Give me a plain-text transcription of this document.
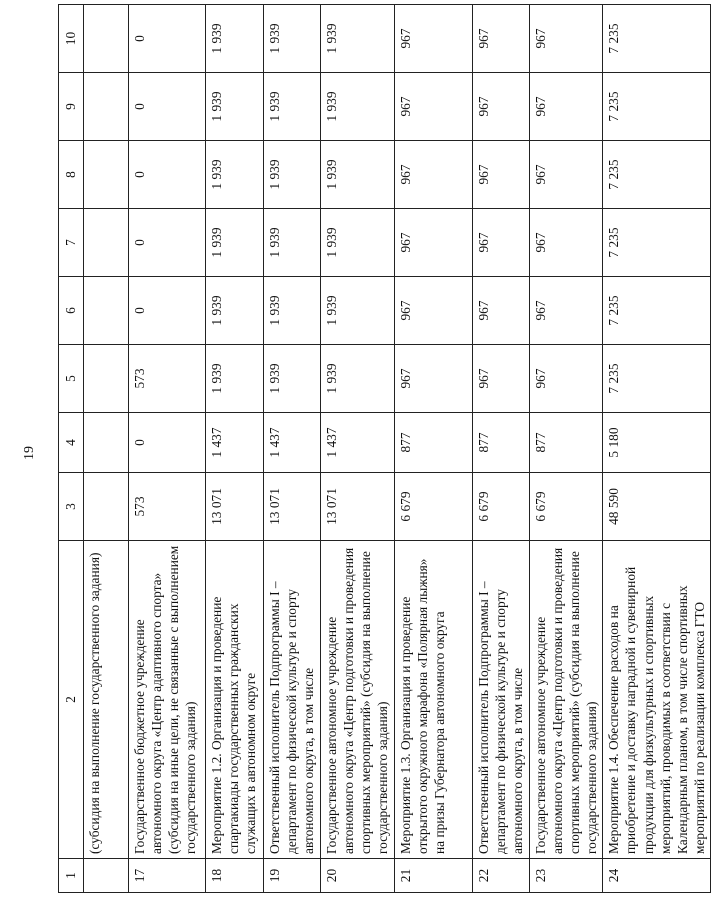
19
1	2	3	4	5	6	7	8	9	10
	(субсидия на выполнение государственного задания)								
17	Государственное бюджетное учреждение автономного округа «Центр адаптивного спорта» (субсидия на иные цели, не связанные с выполнением государственного задания)	573	0	573	0	0	0	0	0
18	Мероприятие 1.2. Организация и проведение спартакиады государственных гражданских служащих в автономном округе	13 071	1 437	1 939	1 939	1 939	1 939	1 939	1 939
19	Ответственный исполнитель Подпрограммы I – департамент по физической культуре и спорту автономного округа, в том числе	13 071	1 437	1 939	1 939	1 939	1 939	1 939	1 939
20	Государственное автономное учреждение автономного округа «Центр подготовки и проведения спортивных мероприятий» (субсидия на выполнение государственного задания)	13 071	1 437	1 939	1 939	1 939	1 939	1 939	1 939
21	Мероприятие 1.3. Организация и проведение открытого окружного марафона «Полярная лыжня» на призы Губернатора автономного округа	6 679	877	967	967	967	967	967	967
22	Ответственный исполнитель Подпрограммы I – департамент по физической культуре и спорту автономного округа, в том числе	6 679	877	967	967	967	967	967	967
23	Государственное автономное учреждение автономного округа «Центр подготовки и проведения спортивных мероприятий» (субсидия на выполнение государственного задания)	6 679	877	967	967	967	967	967	967
24	Мероприятие 1.4. Обеспечение расходов на приобретение и доставку наградной и сувенирной продукции для физкультурных и спортивных мероприятий, проводимых в соответствии с Календарным планом, в том числе спортивных мероприятий по реализации комплекса ГТО	48 590	5 180	7 235	7 235	7 235	7 235	7 235	7 235
